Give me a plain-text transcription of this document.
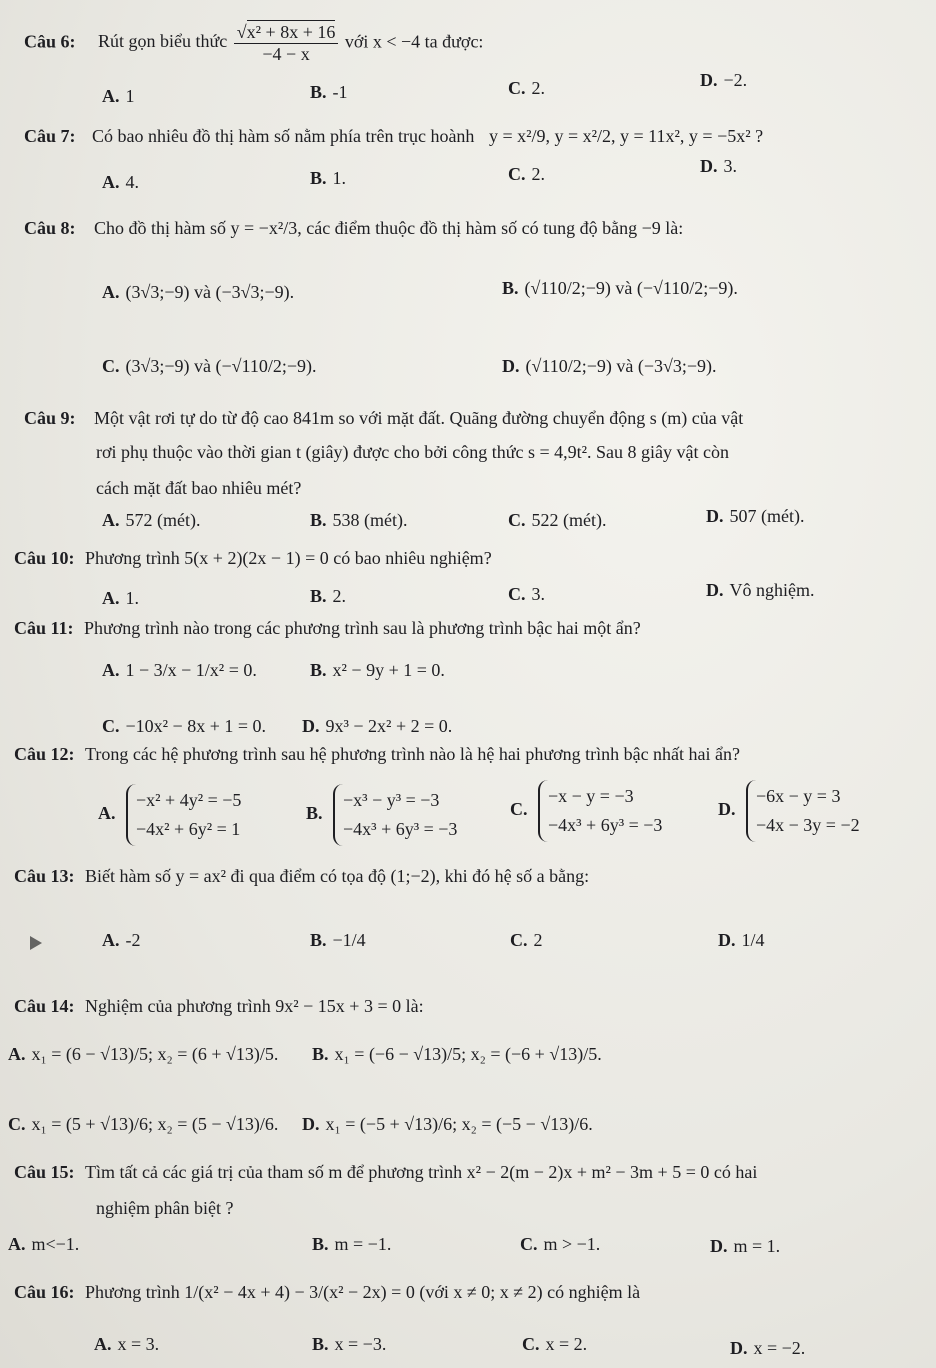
Câu 6: Rút gọn biểu thức $\frac{\text{√x² + 8x + 16}}{-4 - x}$ với x < −4 ta được:
A. 1	B. -1	C. 2.	D. −2.
Câu 7: Có bao nhiêu đồ thị hàm số nằm phía trên trục hoành y = x²/9, y = x²/2, y = 11x², y = −5x² ?
A. 4.	B. 1.	C. 2.	D. 3.
Câu 8: Cho đồ thị hàm số y = −x²/3, các điểm thuộc đồ thị hàm số có tung độ bằng −9 là:
A. (3√3;−9) và (−3√3;−9).	B. (√110/2;−9) và (−√110/2;−9).
C. (3√3;−9) và (−√110/2;−9).	D. (√110/2;−9) và (−3√3;−9).
Câu 9: Một vật rơi tự do từ độ cao 841m so với mặt đất. Quãng đường chuyển động s (m) của vật
rơi phụ thuộc vào thời gian t (giây) được cho bởi công thức s = 4,9t². Sau 8 giây vật còn
cách mặt đất bao nhiêu mét?
A. 572 (mét).	B. 538 (mét).	C. 522 (mét).	D. 507 (mét).
Câu 10: Phương trình 5(x + 2)(2x − 1) = 0 có bao nhiêu nghiệm?
A. 1.	B. 2.	C. 3.	D. Vô nghiệm.
Câu 11: Phương trình nào trong các phương trình sau là phương trình bậc hai một ẩn?
A. 1 − 3/x − 1/x² = 0.	B. x² − 9y + 1 = 0.
C. −10x² − 8x + 1 = 0. D. 9x³ − 2x² + 2 = 0.
Câu 12: Trong các hệ phương trình sau hệ phương trình nào là hệ hai phương trình bậc nhất hai ẩn?
A.
−x² + 4y² = −5
−4x² + 6y² = 1
B.
−x³ − y³ = −3
−4x³ + 6y³ = −3
C.
−x − y = −3
−4x³ + 6y³ = −3
D.
−6x − y = 3
−4x − 3y = −2
Câu 13: Biết hàm số y = ax² đi qua điểm có tọa độ (1;−2), khi đó hệ số a bằng:
A. -2	B. −1/4	C. 2	D. 1/4
Câu 14: Nghiệm của phương trình 9x² − 15x + 3 = 0 là:
A. x₁ = (6 − √13)/5; x₂ = (6 + √13)/5. B. x₁ = (−6 − √13)/5; x₂ = (−6 + √13)/5.
C. x₁ = (5 + √13)/6; x₂ = (5 − √13)/6. D. x₁ = (−5 + √13)/6; x₂ = (−5 − √13)/6.
Câu 15: Tìm tất cả các giá trị của tham số m để phương trình x² − 2(m − 2)x + m² − 3m + 5 = 0 có hai
nghiệm phân biệt ?
A. m<−1.	B. m = −1.	C. m > −1.	D. m = 1.
Câu 16: Phương trình 1/(x² − 4x + 4) − 3/(x² − 2x) = 0 (với x ≠ 0; x ≠ 2) có nghiệm là
A. x = 3.	B. x = −3.	C. x = 2.	D. x = −2.
